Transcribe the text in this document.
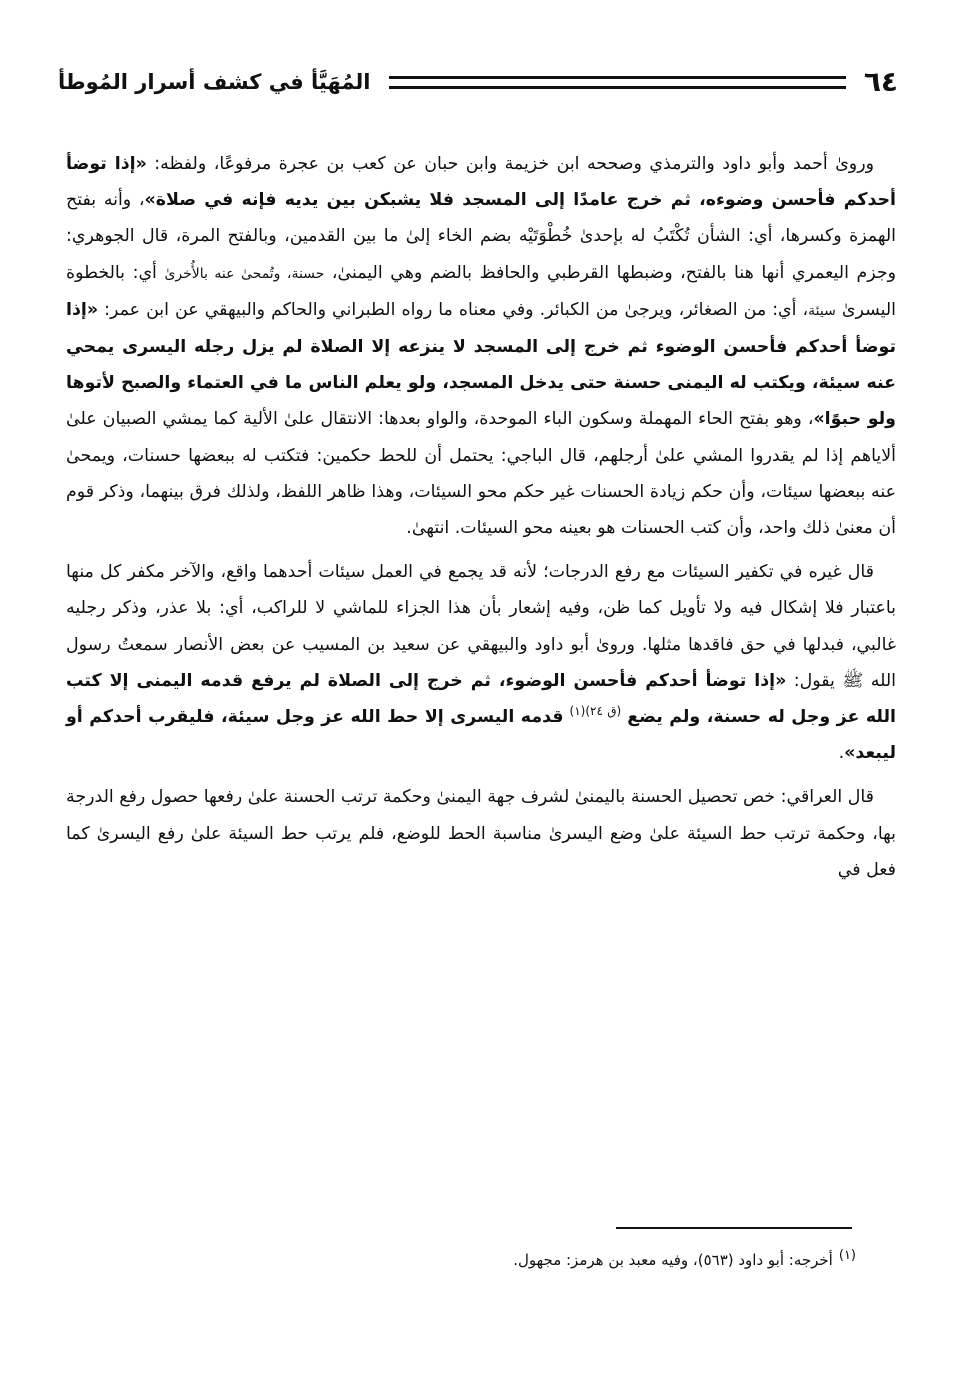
٦٤
المُهَيَّأ في كشف أسرار المُوطأ

وروىٰ أحمد وأبو داود والترمذي وصححه ابن خزيمة وابن حبان عن كعب بن عجرة مرفوعًا، ولفظه: «إذا توضأ أحدكم فأحسن وضوءه، ثم خرج عامدًا إلى المسجد فلا يشبكن بين يديه فإنه في صلاة»، وأنه بفتح الهمزة وكسرها، أي: الشأن تُكْتَبُ له بإحدىٰ خُطْوَتَيْه بضم الخاء إلىٰ ما بين القدمين، وبالفتح المرة، قال الجوهري: وجزم اليعمري أنها هنا بالفتح، وضبطها القرطبي والحافظ بالضم وهي اليمنىٰ، حسنة، وتُمحىٰ عنه بالأُخرىٰ أي: بالخطوة اليسرىٰ سيئة، أي: من الصغائر، ويرجىٰ من الكبائر. وفي معناه ما رواه الطبراني والحاكم والبيهقي عن ابن عمر: «إذا توضأ أحدكم فأحسن الوضوء ثم خرج إلى المسجد لا ينزعه إلا الصلاة لم يزل رجله اليسرى يمحي عنه سيئة، ويكتب له اليمنى حسنة حتى يدخل المسجد، ولو يعلم الناس ما في العتماء والصبح لأتوها ولو حبوًا»، وهو بفتح الحاء المهملة وسكون الباء الموحدة، والواو بعدها: الانتقال علىٰ الألية كما يمشي الصبيان علىٰ ألاياهم إذا لم يقدروا المشي علىٰ أرجلهم، قال الباجي: يحتمل أن للحط حكمين: فتكتب له ببعضها حسنات، ويمحىٰ عنه ببعضها سيئات، وأن حكم زيادة الحسنات غير حكم محو السيئات، وهذا ظاهر اللفظ، ولذلك فرق بينهما، وذكر قوم أن معنىٰ ذلك واحد، وأن كتب الحسنات هو بعينه محو السيئات. انتهىٰ.

قال غيره في تكفير السيئات مع رفع الدرجات؛ لأنه قد يجمع في العمل سيئات أحدهما واقع، والآخر مكفر كل منها باعتبار فلا إشكال فيه ولا تأويل كما ظن، وفيه إشعار بأن هذا الجزاء للماشي لا للراكب، أي: بلا عذر، وذكر رجليه غالبي، فبدلها في حق فاقدها مثلها. وروىٰ أبو داود والبيهقي عن سعيد بن المسيب عن بعض الأنصار سمعتُ رسول الله ﷺ يقول: «إذا توضأ أحدكم فأحسن الوضوء، ثم خرج إلى الصلاة لم يرفع قدمه اليمنى إلا كتب الله عز وجل له حسنة، ولم يضع $^{(ق ٢٤)(١)}$ قدمه اليسرى إلا حط الله عز وجل سيئة، فليقرب أحدكم أو ليبعد».

قال العراقي: خص تحصيل الحسنة باليمنىٰ لشرف جهة اليمنىٰ وحكمة ترتب الحسنة علىٰ رفعها حصول رفع الدرجة بها، وحكمة ترتب حط السيئة علىٰ وضع اليسرىٰ مناسبة الحط للوضع، فلم يرتب حط السيئة علىٰ رفع اليسرىٰ كما فعل في

(١)أخرجه: أبو داود (٥٦٣)، وفيه معبد بن هرمز: مجهول.
